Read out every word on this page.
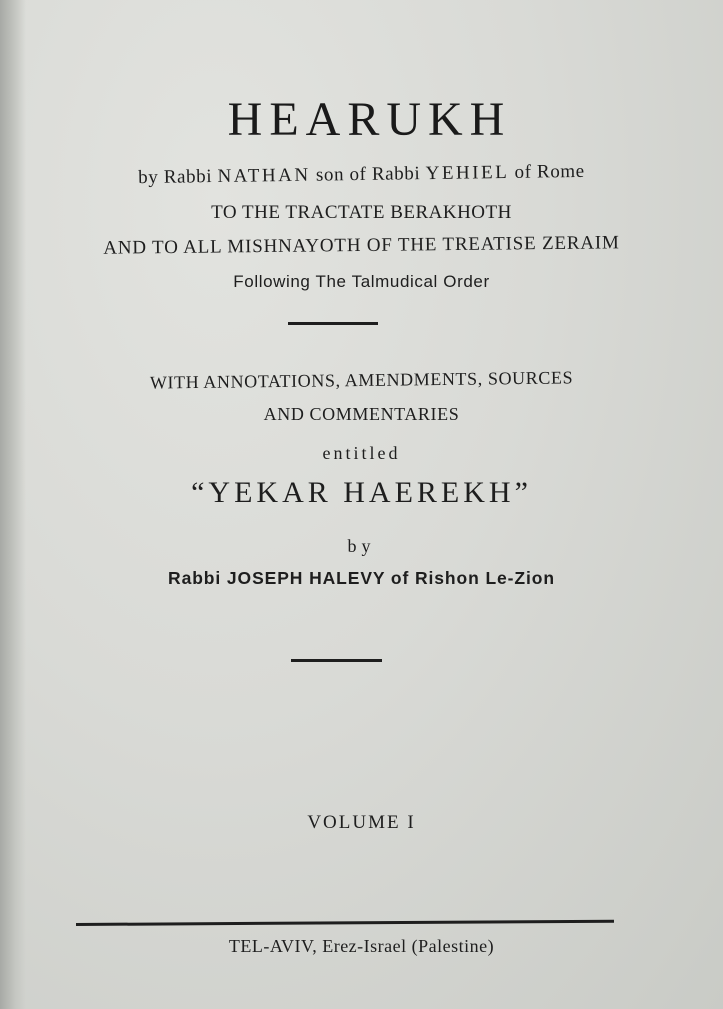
HEARUKH
by Rabbi NATHAN son of Rabbi YEHIEL of Rome
TO THE TRACTATE BERAKHOTH
AND TO ALL MISHNAYOTH OF THE TREATISE ZERAIM
Following The Talmudical Order
WITH ANNOTATIONS, AMENDMENTS, SOURCES
AND COMMENTARIES
entitled
“YEKAR HAEREKH”
by
Rabbi JOSEPH HALEVY of Rishon Le-Zion
VOLUME I
TEL-AVIV, Erez-Israel (Palestine)
